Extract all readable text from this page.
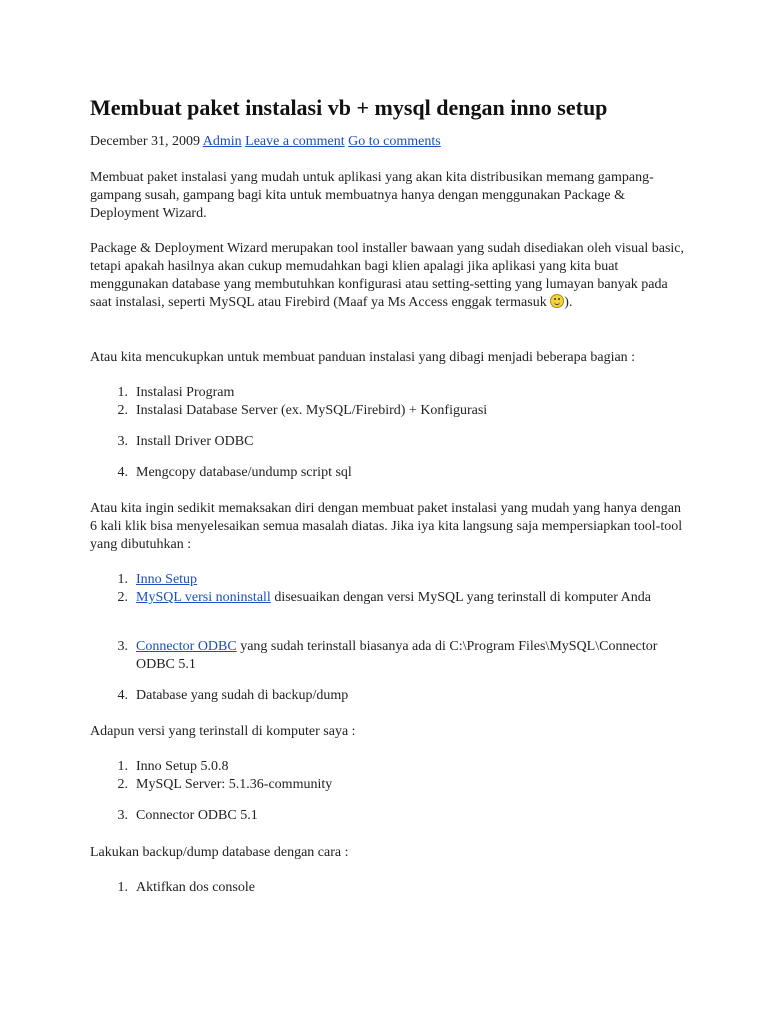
Membuat paket instalasi vb + mysql dengan inno setup
December 31, 2009 Admin Leave a comment Go to comments

Membuat paket instalasi yang mudah untuk aplikasi yang akan kita distribusikan memang gampang-gampang susah, gampang bagi kita untuk membuatnya hanya dengan menggunakan Package & Deployment Wizard.

Package & Deployment Wizard merupakan tool installer bawaan yang sudah disediakan oleh visual basic, tetapi apakah hasilnya akan cukup memudahkan bagi klien apalagi jika aplikasi yang kita buat menggunakan database yang membutuhkan konfigurasi atau setting-setting yang lumayan banyak pada saat instalasi, seperti MySQL atau Firebird (Maaf ya Ms Access enggak termasuk ).

Atau kita mencukupkan untuk membuat panduan instalasi yang dibagi menjadi beberapa bagian :

1. Instalasi Program
2. Instalasi Database Server (ex. MySQL/Firebird) + Konfigurasi
3. Install Driver ODBC
4. Mengcopy database/undump script sql

Atau kita ingin sedikit memaksakan diri dengan membuat paket instalasi yang mudah yang hanya dengan 6 kali klik bisa menyelesaikan semua masalah diatas. Jika iya kita langsung saja mempersiapkan tool-tool yang dibutuhkan :

1. Inno Setup
2. MySQL versi noninstall disesuaikan dengan versi MySQL yang terinstall di komputer Anda
3. Connector ODBC yang sudah terinstall biasanya ada di C:\Program Files\MySQL\Connector ODBC 5.1
4. Database yang sudah di backup/dump

Adapun versi yang terinstall di komputer saya :

1. Inno Setup 5.0.8
2. MySQL Server: 5.1.36-community
3. Connector ODBC 5.1

Lakukan backup/dump database dengan cara :

1. Aktifkan dos console
